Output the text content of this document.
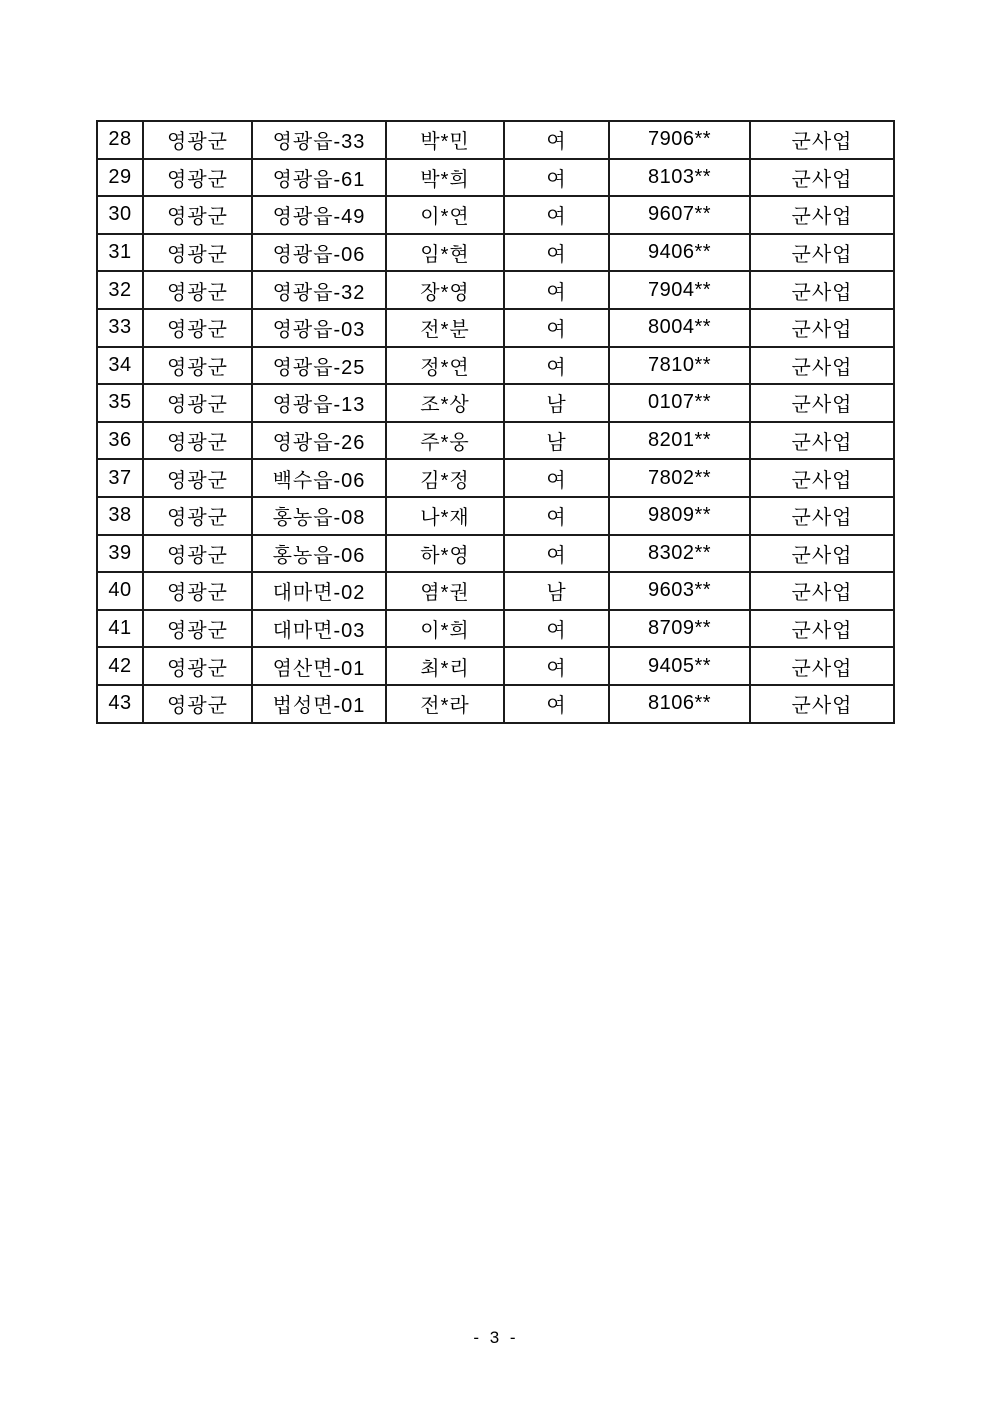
28	영광군	영광읍-33	박*민	여	7906**	군사업
29	영광군	영광읍-61	박*희	여	8103**	군사업
30	영광군	영광읍-49	이*연	여	9607**	군사업
31	영광군	영광읍-06	임*현	여	9406**	군사업
32	영광군	영광읍-32	장*영	여	7904**	군사업
33	영광군	영광읍-03	전*분	여	8004**	군사업
34	영광군	영광읍-25	정*연	여	7810**	군사업
35	영광군	영광읍-13	조*상	남	0107**	군사업
36	영광군	영광읍-26	주*웅	남	8201**	군사업
37	영광군	백수읍-06	김*정	여	7802**	군사업
38	영광군	홍농읍-08	나*재	여	9809**	군사업
39	영광군	홍농읍-06	하*영	여	8302**	군사업
40	영광군	대마면-02	염*권	남	9603**	군사업
41	영광군	대마면-03	이*희	여	8709**	군사업
42	영광군	염산면-01	최*리	여	9405**	군사업
43	영광군	법성면-01	전*라	여	8106**	군사업
- 3 -
